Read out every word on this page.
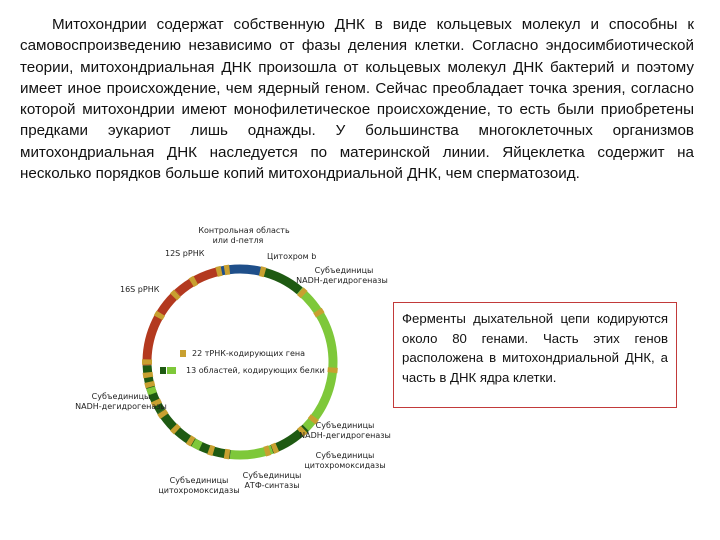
Митохондрии содержат собственную ДНК в виде кольцевых молекул и способны к самовоспроизведению независимо от фазы деления клетки. Согласно эндосимбиотической теории, митохондриальная ДНК произошла от кольцевых молекул ДНК бактерий и поэтому имеет иное происхождение, чем ядерный геном. Сейчас преобладает точка зрения, согласно которой митохондрии имеют монофилетическое происхождение, то есть были приобретены предками эукариот лишь однажды. У большинства многоклеточных организмов митохондриальная ДНК наследуется по материнской линии. Яйцеклетка содержит на несколько порядков больше копий митохондриальной ДНК, чем сперматозоид.

22 тРНК-кодирующих гена
13 областей, кодирующих белки
Контрольная область
или d-петля
12S рРНК
16S рРНК
Цитохром b
Субъединицы
NADH-дегидрогеназы
Субъединицы
NADH-дегидрогеназы
Субъединицы
NADH-дегидрогеназы
Субъединицы
цитохромоксидазы
Субъединицы
АТФ-синтазы
Субъединицы
цитохромоксидазы
Ферменты дыхательной цепи кодируются около 80 генами. Часть этих генов расположена в митохондриальной ДНК, а часть в ДНК ядра клетки.
